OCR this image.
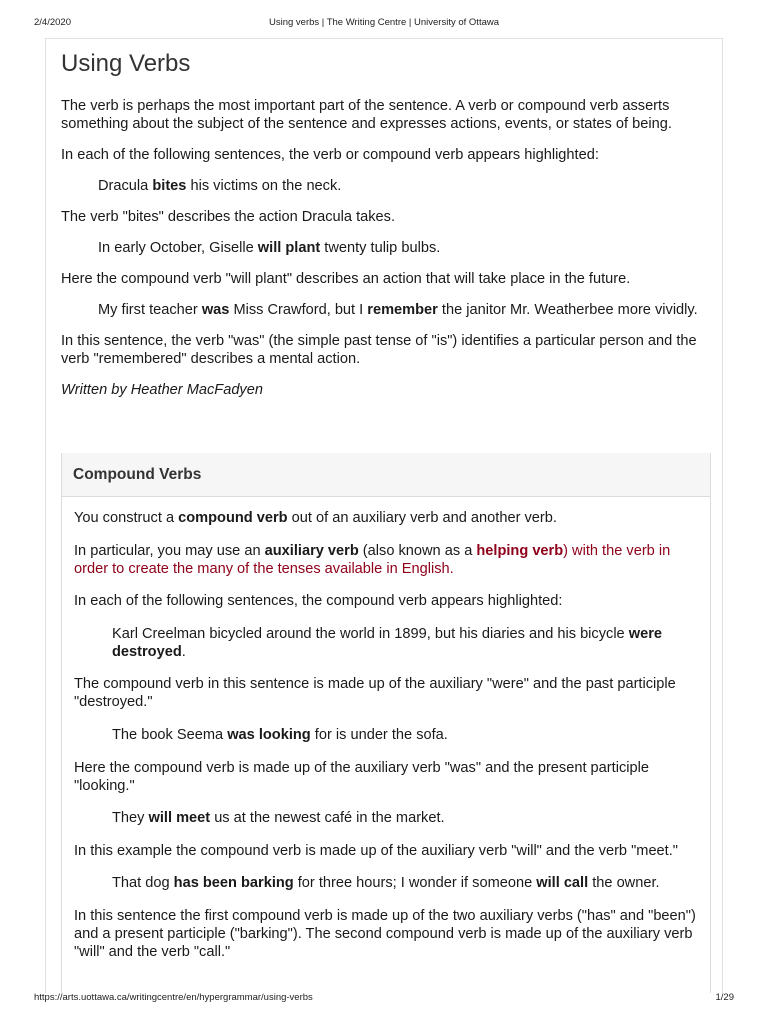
2/4/2020	Using verbs | The Writing Centre | University of Ottawa
Using Verbs

The verb is perhaps the most important part of the sentence. A verb or compound verb asserts something about the subject of the sentence and expresses actions, events, or states of being.

In each of the following sentences, the verb or compound verb appears highlighted:

Dracula bites his victims on the neck.

The verb "bites" describes the action Dracula takes.

In early October, Giselle will plant twenty tulip bulbs.

Here the compound verb "will plant" describes an action that will take place in the future.

My first teacher was Miss Crawford, but I remember the janitor Mr. Weatherbee more vividly.

In this sentence, the verb "was" (the simple past tense of "is") identifies a particular person and the verb "remembered" describes a mental action.

Written by Heather MacFadyen

Compound Verbs

You construct a compound verb out of an auxiliary verb and another verb.

In particular, you may use an auxiliary verb (also known as a helping verb) with the verb in order to create the many of the tenses available in English.

In each of the following sentences, the compound verb appears highlighted:

Karl Creelman bicycled around the world in 1899, but his diaries and his bicycle were destroyed.

The compound verb in this sentence is made up of the auxiliary "were" and the past participle "destroyed."

The book Seema was looking for is under the sofa.

Here the compound verb is made up of the auxiliary verb "was" and the present participle "looking."

They will meet us at the newest café in the market.

In this example the compound verb is made up of the auxiliary verb "will" and the verb "meet."

That dog has been barking for three hours; I wonder if someone will call the owner.

In this sentence the first compound verb is made up of the two auxiliary verbs ("has" and "been") and a present participle ("barking"). The second compound verb is made up of the auxiliary verb "will" and the verb "call."

https://arts.uottawa.ca/writingcentre/en/hypergrammar/using-verbs	1/29
